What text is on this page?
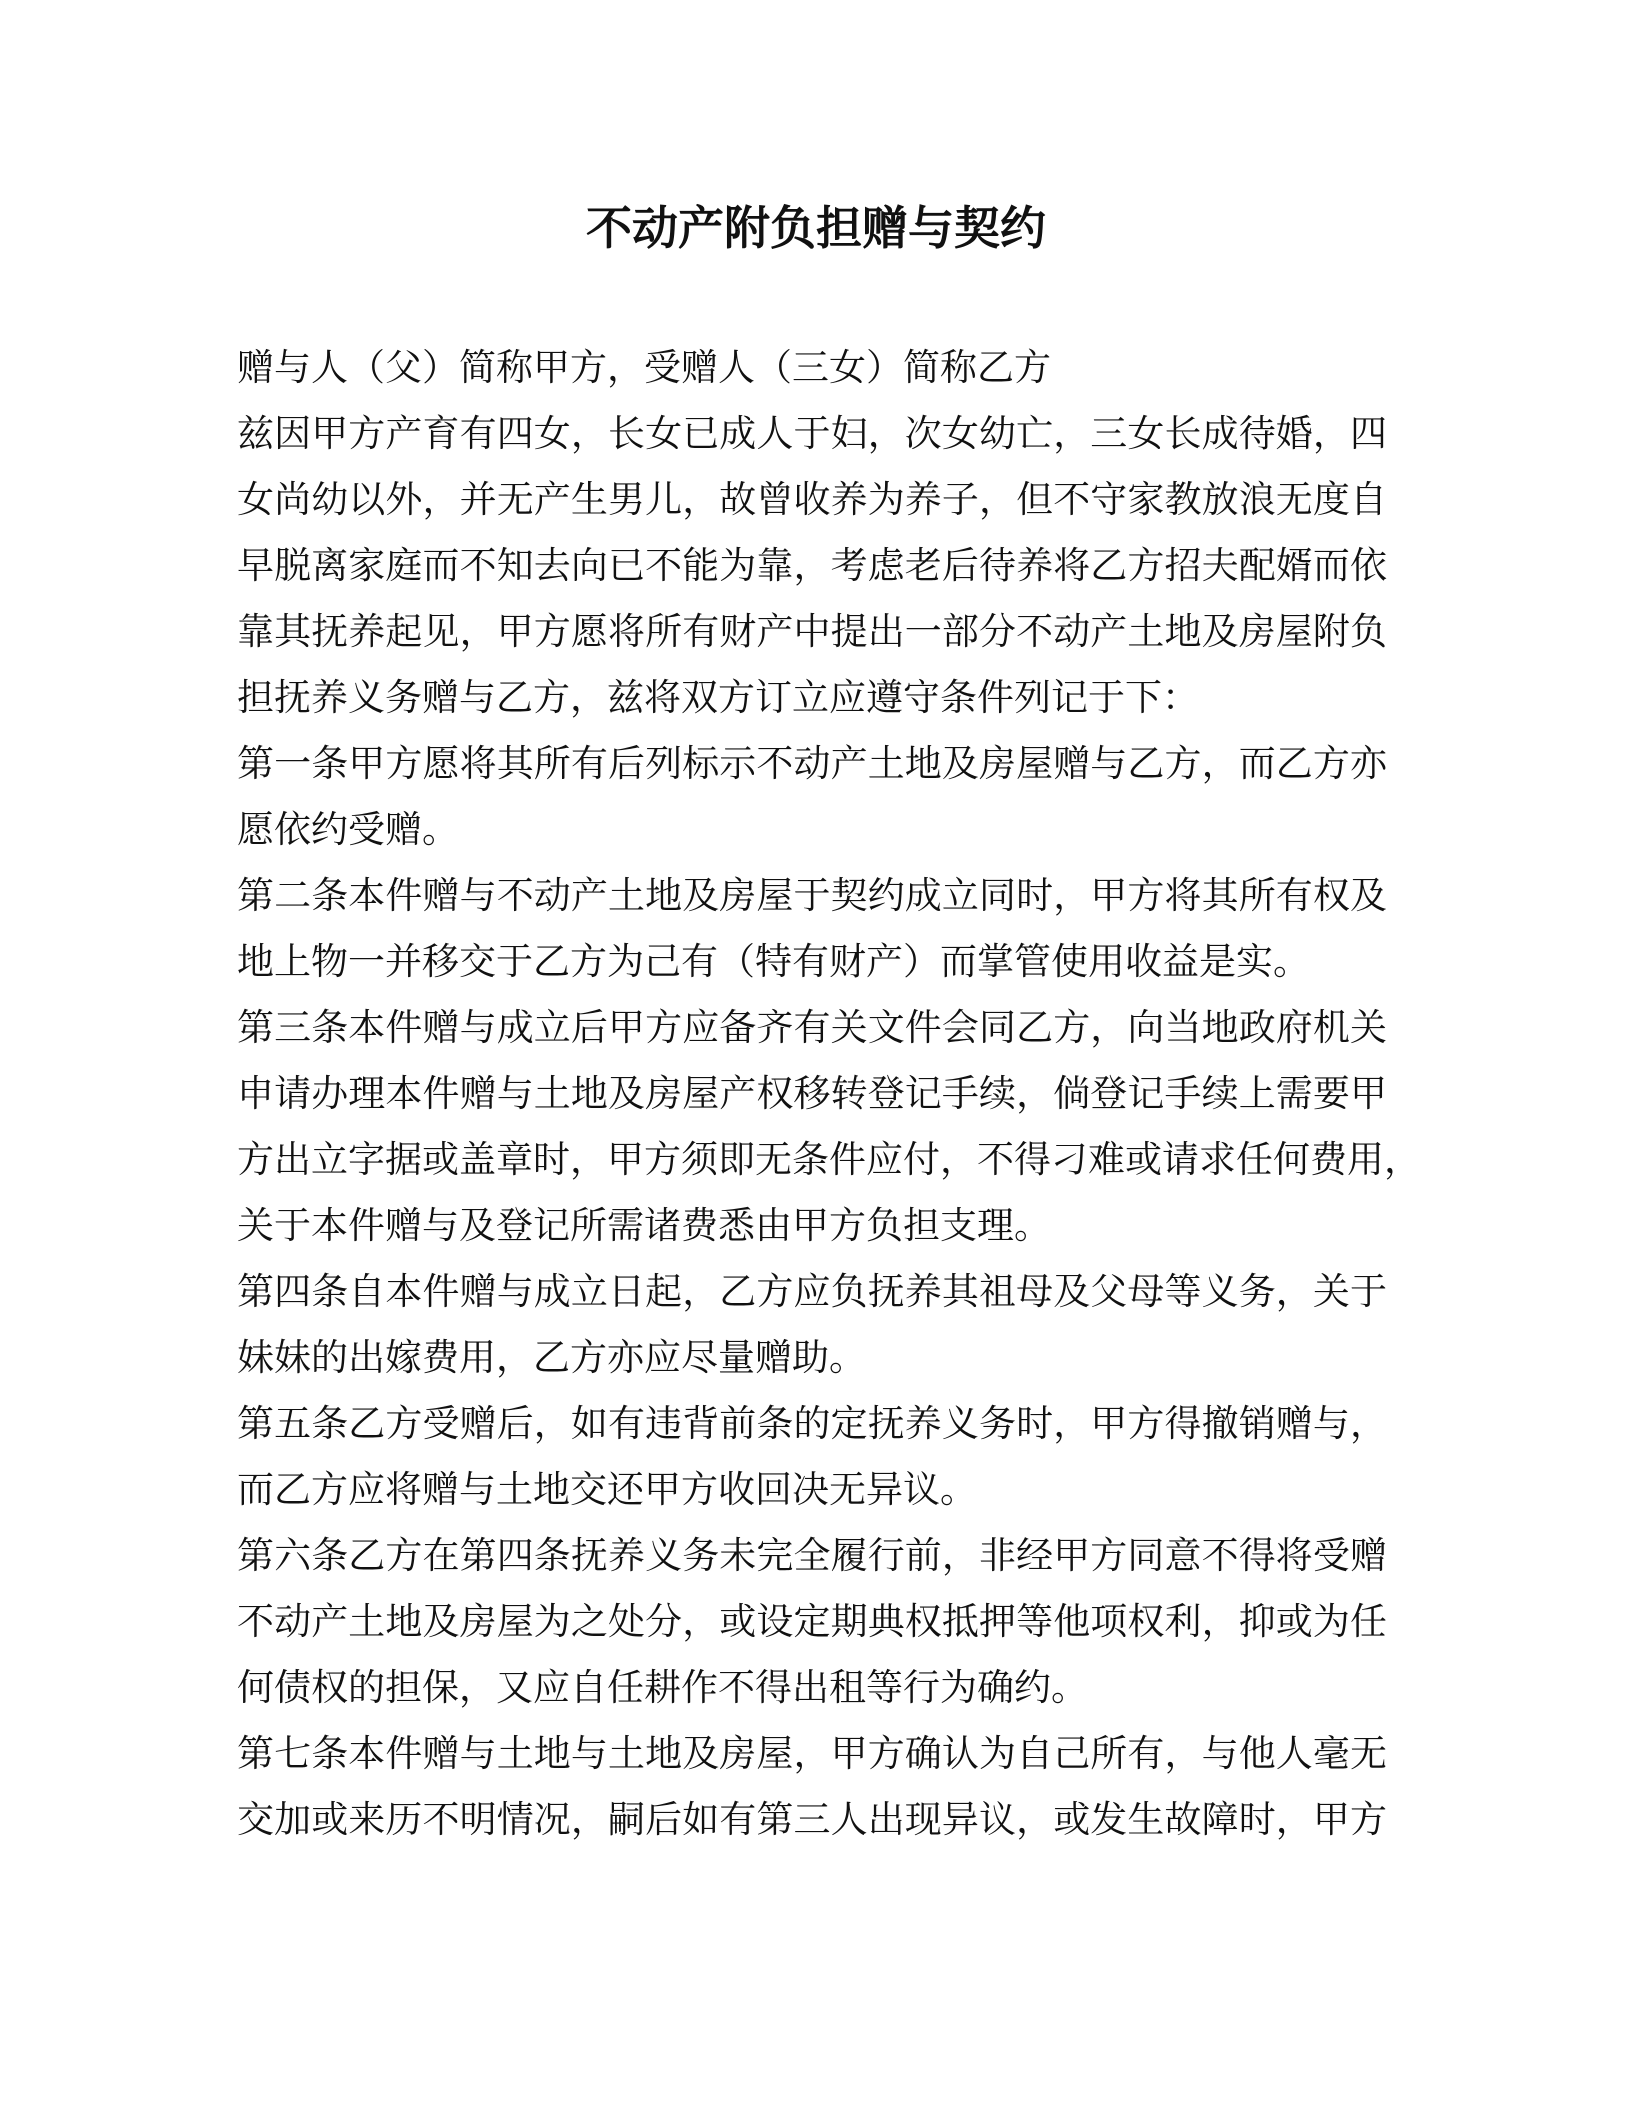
不动产附负担赠与契约
赠与人（父）简称甲方，受赠人（三女）简称乙方
兹因甲方产育有四女，长女已成人于妇，次女幼亡，三女长成待婚，四
女尚幼以外，并无产生男儿，故曾收养为养子，但不守家教放浪无度自
早脱离家庭而不知去向已不能为靠，考虑老后待养将乙方招夫配婿而依
靠其抚养起见，甲方愿将所有财产中提出一部分不动产土地及房屋附负
担抚养义务赠与乙方，兹将双方订立应遵守条件列记于下：
第一条甲方愿将其所有后列标示不动产土地及房屋赠与乙方，而乙方亦
愿依约受赠。
第二条本件赠与不动产土地及房屋于契约成立同时，甲方将其所有权及
地上物一并移交于乙方为己有（特有财产）而掌管使用收益是实。
第三条本件赠与成立后甲方应备齐有关文件会同乙方，向当地政府机关
申请办理本件赠与土地及房屋产权移转登记手续，倘登记手续上需要甲
方出立字据或盖章时，甲方须即无条件应付，不得刁难或请求任何费用，
关于本件赠与及登记所需诸费悉由甲方负担支理。
第四条自本件赠与成立日起，乙方应负抚养其祖母及父母等义务，关于
妹妹的出嫁费用，乙方亦应尽量赠助。
第五条乙方受赠后，如有违背前条的定抚养义务时，甲方得撤销赠与，
而乙方应将赠与土地交还甲方收回决无异议。
第六条乙方在第四条抚养义务未完全履行前，非经甲方同意不得将受赠
不动产土地及房屋为之处分，或设定期典权抵押等他项权利，抑或为任
何债权的担保，又应自任耕作不得出租等行为确约。
第七条本件赠与土地与土地及房屋，甲方确认为自己所有，与他人毫无
交加或来历不明情况，嗣后如有第三人出现异议，或发生故障时，甲方
